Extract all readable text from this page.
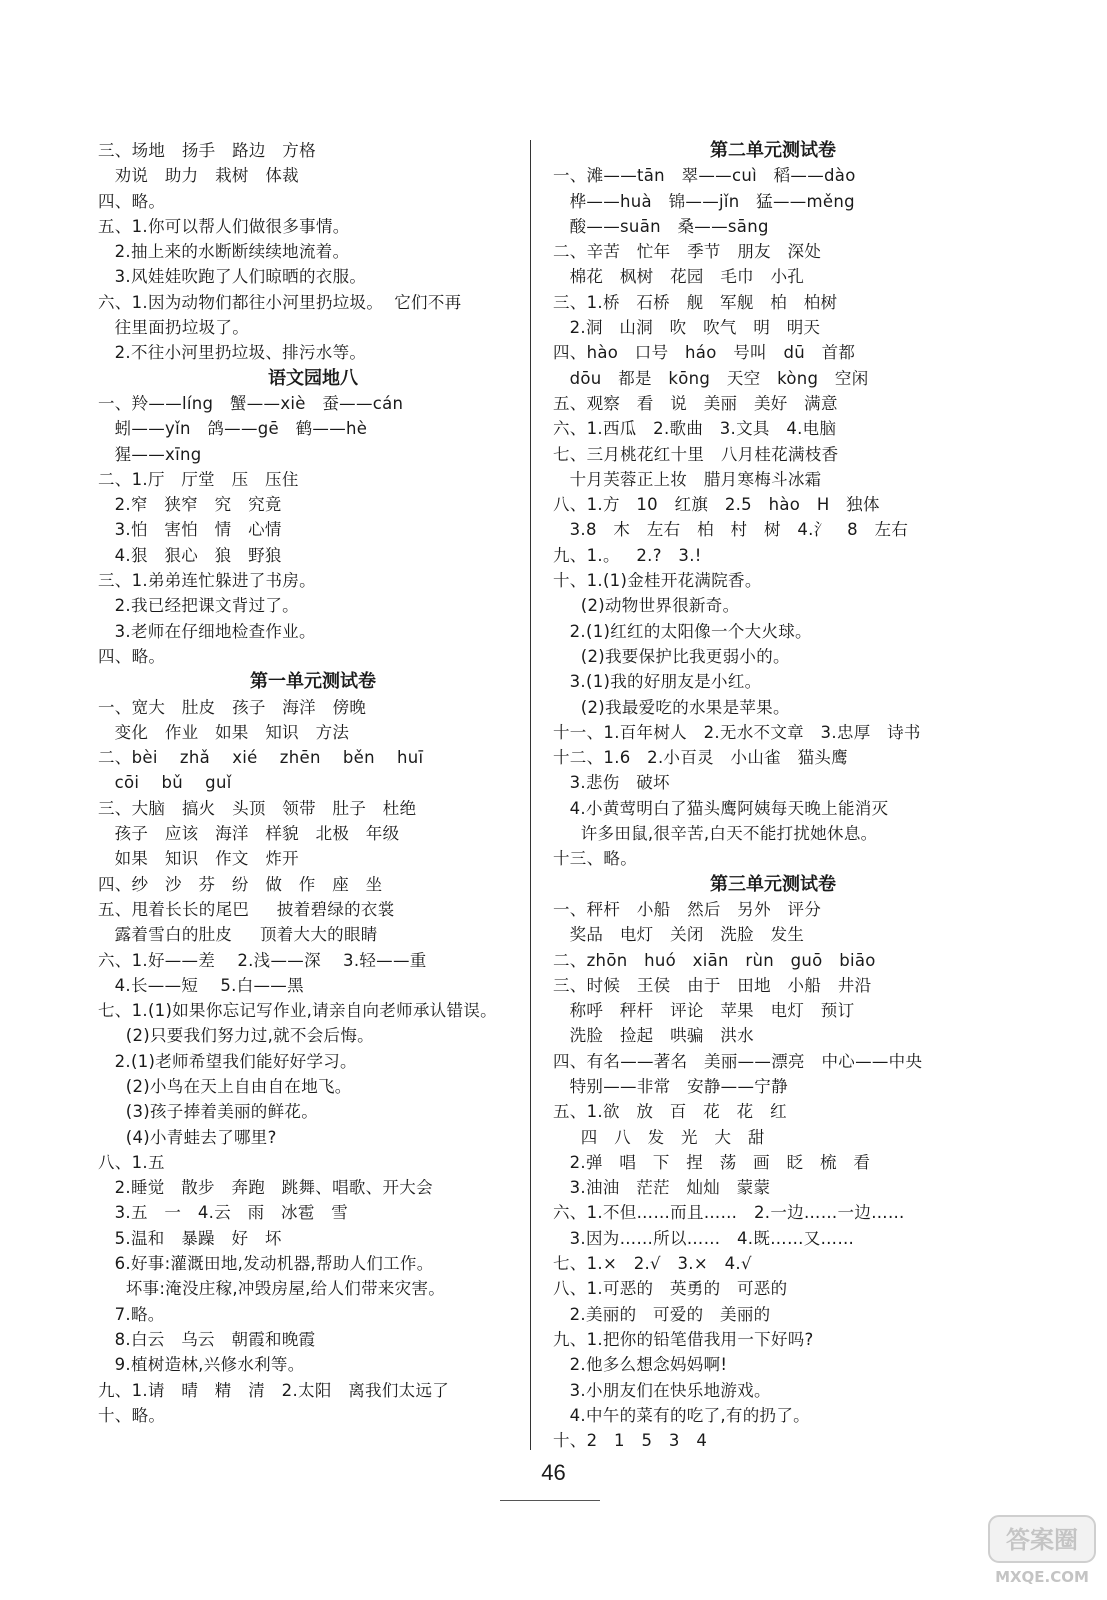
三、场地   扬手   路边   方格
劝说   助力   栽树   体裁
四、略。
五、1.你可以帮人们做很多事情。
2.抽上来的水断断续续地流着。
3.风娃娃吹跑了人们晾晒的衣服。
六、1.因为动物们都往小河里扔垃圾。  它们不再
往里面扔垃圾了。
2.不往小河里扔垃圾、排污水等。
语文园地八
一、羚——líng   蟹——xiè   蚕——cán
蚓——yǐn   鸽——gē   鹤——hè
猩——xīng
二、1.厅   厅堂   压   压住
2.窄   狭窄   究   究竟
3.怕   害怕   情   心情
4.狠   狠心   狼   野狼
三、1.弟弟连忙躲进了书房。
2.我已经把课文背过了。
3.老师在仔细地检查作业。
四、略。
第一单元测试卷
一、宽大   肚皮   孩子   海洋   傍晚
变化   作业   如果   知识   方法
二、bèi    zhǎ    xié    zhēn    běn    huī
cōi    bǔ    guǐ
三、大脑   搞火   头顶   领带   肚子   杜绝
孩子   应该   海洋   样貌   北极   年级
如果   知识   作文   炸开
四、纱   沙   芬   纷   做   作   座   坐
五、甩着长长的尾巴     披着碧绿的衣裳
露着雪白的肚皮     顶着大大的眼睛
六、1.好——差    2.浅——深    3.轻——重
4.长——短    5.白——黑
七、1.(1)如果你忘记写作业,请亲自向老师承认错误。
(2)只要我们努力过,就不会后悔。
2.(1)老师希望我们能好好学习。
(2)小鸟在天上自由自在地飞。
(3)孩子捧着美丽的鲜花。
(4)小青蛙去了哪里?
八、1.五
2.睡觉   散步   奔跑   跳舞、唱歌、开大会
3.五   一   4.云   雨   冰雹   雪
5.温和   暴躁   好   坏
6.好事:灌溉田地,发动机器,帮助人们工作。
坏事:淹没庄稼,冲毁房屋,给人们带来灾害。
7.略。
8.白云   乌云   朝霞和晚霞
9.植树造林,兴修水利等。
九、1.请   晴   精   清   2.太阳   离我们太远了
十、略。
第二单元测试卷
一、滩——tān   翠——cuì   稻——dào
桦——huà   锦——jǐn   猛——měng
酸——suān   桑——sāng
二、辛苦   忙年   季节   朋友   深处
棉花   枫树   花园   毛巾   小孔
三、1.桥   石桥   舰   军舰   柏   柏树
2.洞   山洞   吹   吹气   明   明天
四、hào   口号   háo   号叫   dū   首都
dōu   都是   kōng   天空   kòng   空闲
五、观察   看   说   美丽   美好   满意
六、1.西瓜   2.歌曲   3.文具   4.电脑
七、三月桃花红十里   八月桂花满枝香
十月芙蓉正上妆   腊月寒梅斗冰霜
八、1.方   10   红旗   2.5   hào   H   独体
3.8   木   左右   柏   村   树   4.氵   8   左右
九、1.。   2.?   3.!
十、1.(1)金桂开花满院香。
(2)动物世界很新奇。
2.(1)红红的太阳像一个大火球。
(2)我要保护比我更弱小的。
3.(1)我的好朋友是小红。
(2)我最爱吃的水果是苹果。
十一、1.百年树人   2.无水不文章   3.忠厚   诗书
十二、1.6   2.小百灵   小山雀   猫头鹰
3.悲伤   破坏
4.小黄莺明白了猫头鹰阿姨每天晚上能消灭
许多田鼠,很辛苦,白天不能打扰她休息。
十三、略。
第三单元测试卷
一、秤杆   小船   然后   另外   评分
奖品   电灯   关闭   洗脸   发生
二、zhōn   huó   xiān   rùn   guō   biāo
三、时候   王侯   由于   田地   小船   井沿
称呼   秤杆   评论   苹果   电灯   预订
洗脸   捡起   哄骗   洪水
四、有名——著名   美丽——漂亮   中心——中央
特别——非常   安静——宁静
五、1.欲   放   百   花   花   红
四   八   发   光   大   甜
2.弹   唱   下   捏   荡   画   眨   梳   看
3.油油   茫茫   灿灿   蒙蒙
六、1.不但……而且……   2.一边……一边……
3.因为……所以……   4.既……又……
七、1.×   2.√   3.×   4.√
八、1.可恶的   英勇的   可恶的
2.美丽的   可爱的   美丽的
九、1.把你的铅笔借我用一下好吗?
2.他多么想念妈妈啊!
3.小朋友们在快乐地游戏。
4.中午的菜有的吃了,有的扔了。
十、2   1   5   3   4
46
答案圈
MXQE.COM
